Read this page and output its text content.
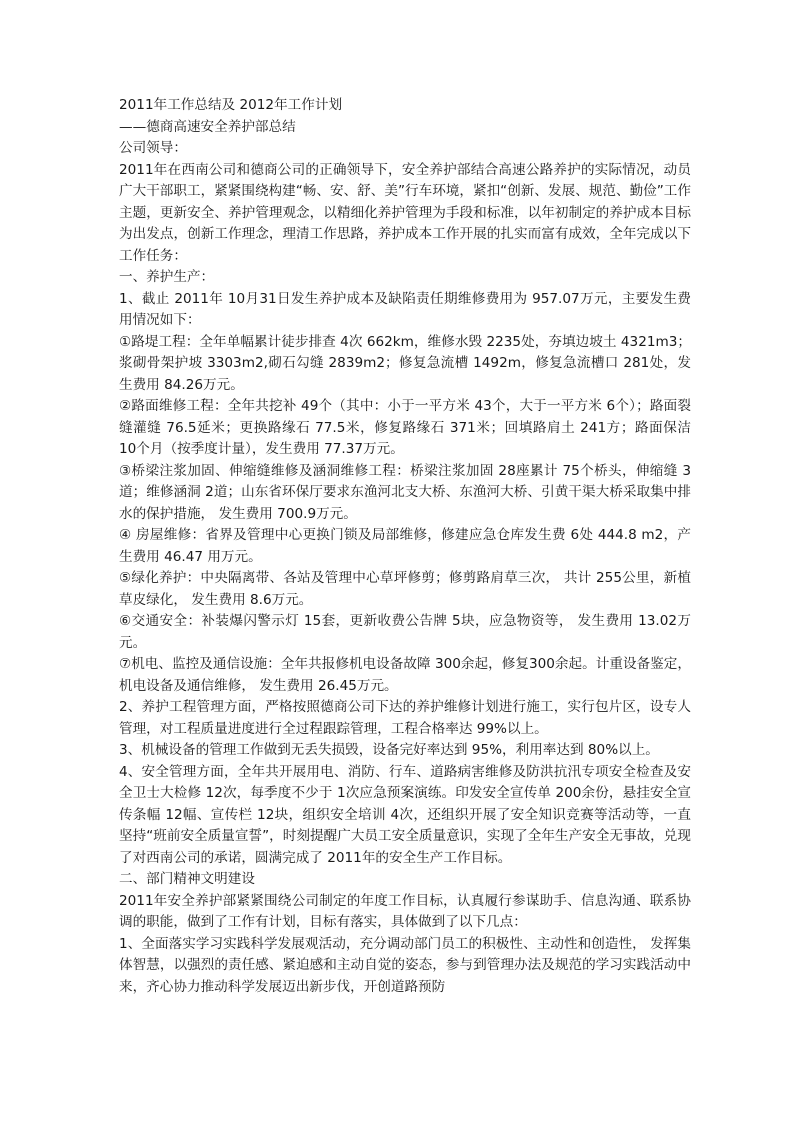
2011年工作总结及 2012年工作计划

——德商高速安全养护部总结

公司领导：

2011年在西南公司和德商公司的正确领导下，安全养护部结合高速公路养护的实际情况，动员广大干部职工，紧紧围绕构建“畅、安、舒、美”行车环境，紧扣“创新、发展、规范、勤俭”工作主题，更新安全、养护管理观念，以精细化养护管理为手段和标准，以年初制定的养护成本目标为出发点，创新工作理念，理清工作思路，养护成本工作开展的扎实而富有成效，全年完成以下工作任务：

一、养护生产：

1、截止 2011年 10月31日发生养护成本及缺陷责任期维修费用为 957.07万元，主要发生费用情况如下：

①路堤工程：全年单幅累计徒步排查 4次 662km，维修水毁 2235处，夯填边坡土 4321m3；浆砌骨架护坡 3303m2,砌石勾缝 2839m2；修复急流槽 1492m，修复急流槽口 281处，发生费用 84.26万元。

②路面维修工程：全年共挖补 49个（其中：小于一平方米 43个，大于一平方米 6个）；路面裂缝灌缝 76.5延米；更换路缘石 77.5米，修复路缘石 371米；回填路肩土 241方；路面保洁 10个月（按季度计量），发生费用 77.37万元。

③桥梁注浆加固、伸缩缝维修及涵洞维修工程：桥梁注浆加固 28座累计 75个桥头，伸缩缝 3道；维修涵洞 2道；山东省环保厅要求东渔河北支大桥、东渔河大桥、引黄干渠大桥采取集中排水的保护措施， 发生费用 700.9万元。

④ 房屋维修：省界及管理中心更换门锁及局部维修，修建应急仓库发生费 6处 444.8 m2，产生费用 46.47 用万元。

⑤绿化养护：中央隔离带、各站及管理中心草坪修剪；修剪路肩草三次， 共计 255公里，新植草皮绿化， 发生费用 8.6万元。

⑥交通安全：补装爆闪警示灯 15套，更新收费公告牌 5块，应急物资等， 发生费用 13.02万元。

⑦机电、监控及通信设施：全年共报修机电设备故障 300余起，修复300余起。计重设备鉴定，机电设备及通信维修， 发生费用 26.45万元。

2、养护工程管理方面，严格按照德商公司下达的养护维修计划进行施工，实行包片区，设专人管理，对工程质量进度进行全过程跟踪管理，工程合格率达 99%以上。

3、机械设备的管理工作做到无丢失损毁，设备完好率达到 95%，利用率达到 80%以上。

4、安全管理方面，全年共开展用电、消防、行车、道路病害维修及防洪抗汛专项安全检查及安全卫士大检修 12次，每季度不少于 1次应急预案演练。印发安全宣传单 200余份，悬挂安全宣传条幅 12幅、宣传栏 12块，组织安全培训 4次，还组织开展了安全知识竞赛等活动等，一直坚持“班前安全质量宣誓”，时刻提醒广大员工安全质量意识，实现了全年生产安全无事故，兑现了对西南公司的承诺，圆满完成了 2011年的安全生产工作目标。

二、部门精神文明建设

2011年安全养护部紧紧围绕公司制定的年度工作目标，认真履行参谋助手、信息沟通、联系协调的职能，做到了工作有计划，目标有落实，具体做到了以下几点：

1、全面落实学习实践科学发展观活动，充分调动部门员工的积极性、主动性和创造性， 发挥集体智慧，以强烈的责任感、紧迫感和主动自觉的姿态，参与到管理办法及规范的学习实践活动中来，齐心协力推动科学发展迈出新步伐，开创道路预防
